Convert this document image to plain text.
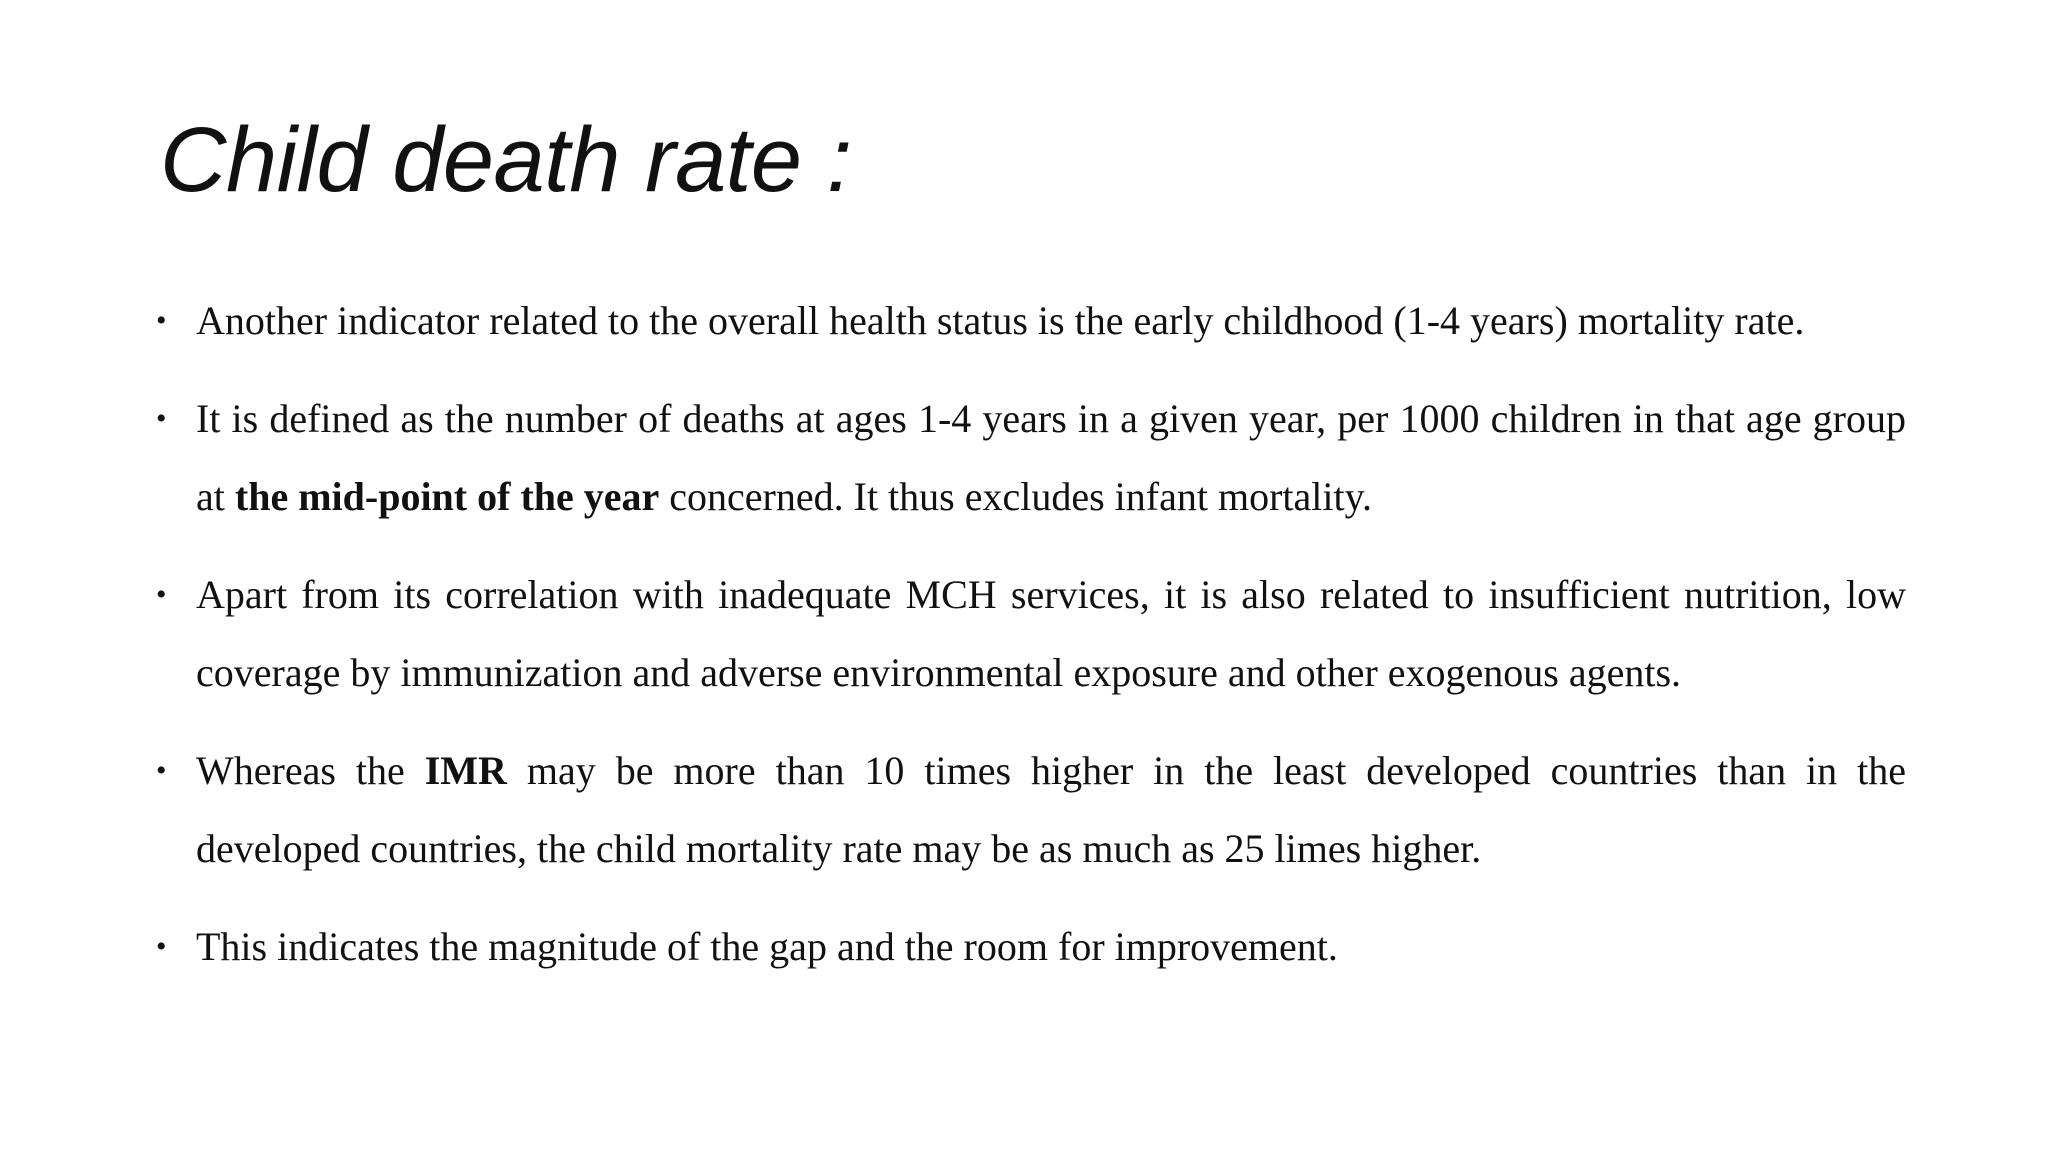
Child death rate :
• Another indicator related to the overall health status is the early childhood (1-4 years) mortality rate.
• It is defined as the number of deaths at ages 1-4 years in a given year, per 1000 children in that age group at the mid-point of the year concerned. It thus excludes infant mortality.
• Apart from its correlation with inadequate MCH services, it is also related to insufficient nutrition, low coverage by immunization and adverse environmental exposure and other exogenous agents.
• Whereas the IMR may be more than 10 times higher in the least developed countries than in the developed countries, the child mortality rate may be as much as 25 limes higher.
• This indicates the magnitude of the gap and the room for improvement.
